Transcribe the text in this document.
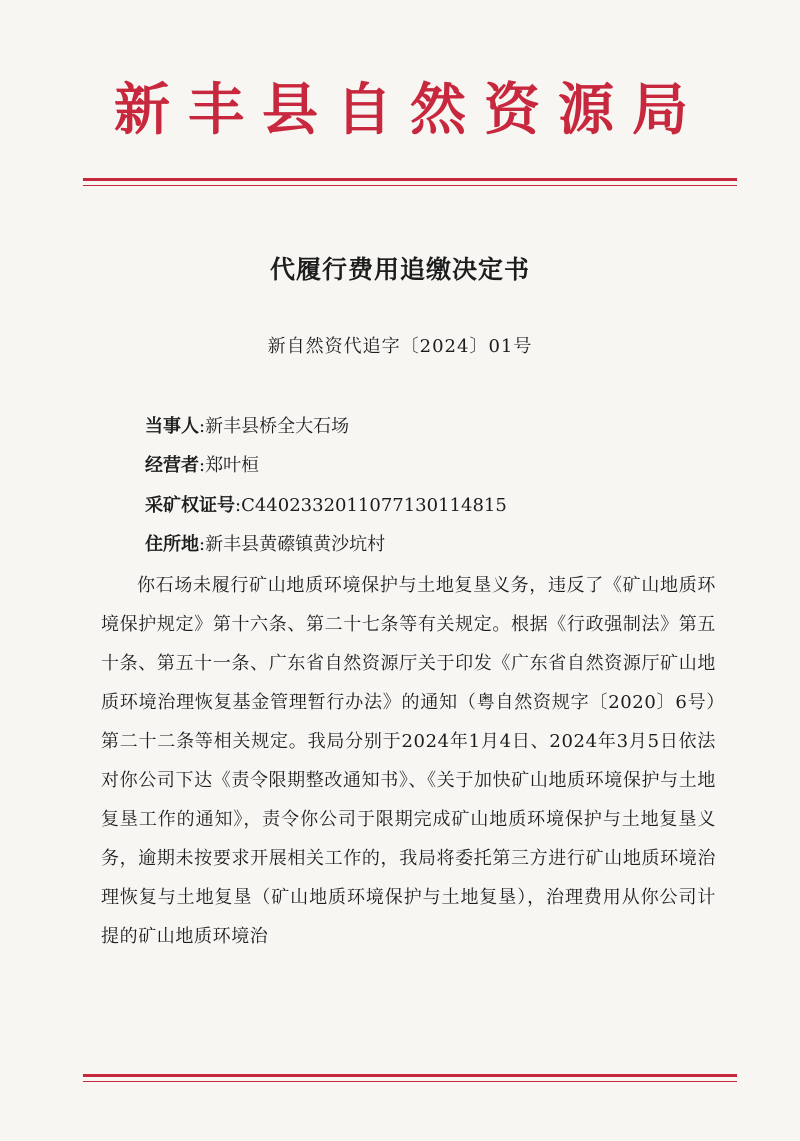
新丰县自然资源局
代履行费用追缴决定书
新自然资代追字〔2024〕01号
当事人:新丰县桥全大石场
经营者:郑叶桓
采矿权证号:C4402332011077130114815
住所地:新丰县黄礤镇黄沙坑村
你石场未履行矿山地质环境保护与土地复垦义务，违反了《矿山地质环境保护规定》第十六条、第二十七条等有关规定。根据《行政强制法》第五十条、第五十一条、广东省自然资源厅关于印发《广东省自然资源厅矿山地质环境治理恢复基金管理暂行办法》的通知（粤自然资规字〔2020〕6号）第二十二条等相关规定。我局分别于2024年1月4日、2024年3月5日依法对你公司下达《责令限期整改通知书》、《关于加快矿山地质环境保护与土地复垦工作的通知》，责令你公司于限期完成矿山地质环境保护与土地复垦义务，逾期未按要求开展相关工作的，我局将委托第三方进行矿山地质环境治理恢复与土地复垦（矿山地质环境保护与土地复垦），治理费用从你公司计提的矿山地质环境治
